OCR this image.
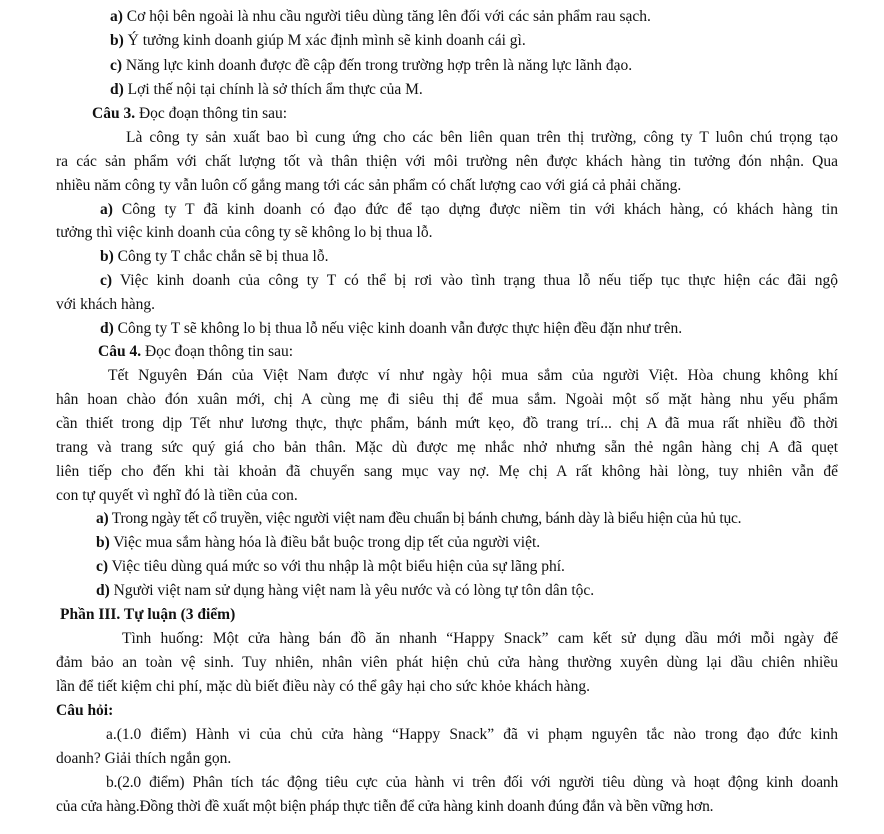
a) Cơ hội bên ngoài là nhu cầu người tiêu dùng tăng lên đối với các sản phẩm rau sạch.
b) Ý tưởng kinh doanh giúp M xác định mình sẽ kinh doanh cái gì.
c) Năng lực kinh doanh được đề cập đến trong trường hợp trên là năng lực lãnh đạo.
d) Lợi thế nội tại chính là sở thích ẩm thực của M.
Câu 3. Đọc đoạn thông tin sau:
Là công ty sản xuất bao bì cung ứng cho các bên liên quan trên thị trường, công ty T luôn chú trọng tạo
ra các sản phẩm với chất lượng tốt và thân thiện với môi trường nên được khách hàng tin tưởng đón nhận. Qua
nhiều năm công ty vẫn luôn cố gắng mang tới các sản phẩm có chất lượng cao với giá cả phải chăng.
a) Công ty T đã kinh doanh có đạo đức để tạo dựng được niềm tin với khách hàng, có khách hàng tin
tưởng thì việc kinh doanh của công ty sẽ không lo bị thua lỗ.
b) Công ty T chắc chắn sẽ bị thua lỗ.
c) Việc kinh doanh của công ty T có thể bị rơi vào tình trạng thua lỗ nếu tiếp tục thực hiện các đãi ngộ
với khách hàng.
d) Công ty T sẽ không lo bị thua lỗ nếu việc kinh doanh vẫn được thực hiện đều đặn như trên.
Câu 4. Đọc đoạn thông tin sau:
Tết Nguyên Đán của Việt Nam được ví như ngày hội mua sắm của người Việt. Hòa chung không khí
hân hoan chào đón xuân mới, chị A cùng mẹ đi siêu thị để mua sắm. Ngoài một số mặt hàng nhu yếu phẩm
cần thiết trong dịp Tết như lương thực, thực phẩm, bánh mứt kẹo, đồ trang trí... chị A đã mua rất nhiều đồ thời
trang và trang sức quý giá cho bản thân. Mặc dù được mẹ nhắc nhở nhưng sẵn thẻ ngân hàng chị A đã quẹt
liên tiếp cho đến khi tài khoản đã chuyển sang mục vay nợ. Mẹ chị A rất không hài lòng, tuy nhiên vẫn để
con tự quyết vì nghĩ đó là tiền của con.
a) Trong ngày tết cổ truyền, việc người việt nam đều chuẩn bị bánh chưng, bánh dày là biểu hiện của hủ tục.
b) Việc mua sắm hàng hóa là điều bắt buộc trong dịp tết của người việt.
c) Việc tiêu dùng quá mức so với thu nhập là một biểu hiện của sự lãng phí.
d) Người việt nam sử dụng hàng việt nam là yêu nước và có lòng tự tôn dân tộc.
Phần III. Tự luận (3 điểm)
Tình huống: Một cửa hàng bán đồ ăn nhanh “Happy Snack” cam kết sử dụng dầu mới mỗi ngày để
đảm bảo an toàn vệ sinh. Tuy nhiên, nhân viên phát hiện chủ cửa hàng thường xuyên dùng lại dầu chiên nhiều
lần để tiết kiệm chi phí, mặc dù biết điều này có thể gây hại cho sức khỏe khách hàng.
Câu hỏi:
a.(1.0 điểm) Hành vi của chủ cửa hàng “Happy Snack” đã vi phạm nguyên tắc nào trong đạo đức kinh
doanh? Giải thích ngắn gọn.
b.(2.0 điểm) Phân tích tác động tiêu cực của hành vi trên đối với người tiêu dùng và hoạt động kinh doanh
của cửa hàng.Đồng thời đề xuất một biện pháp thực tiễn để cửa hàng kinh doanh đúng đắn và bền vững hơn.
